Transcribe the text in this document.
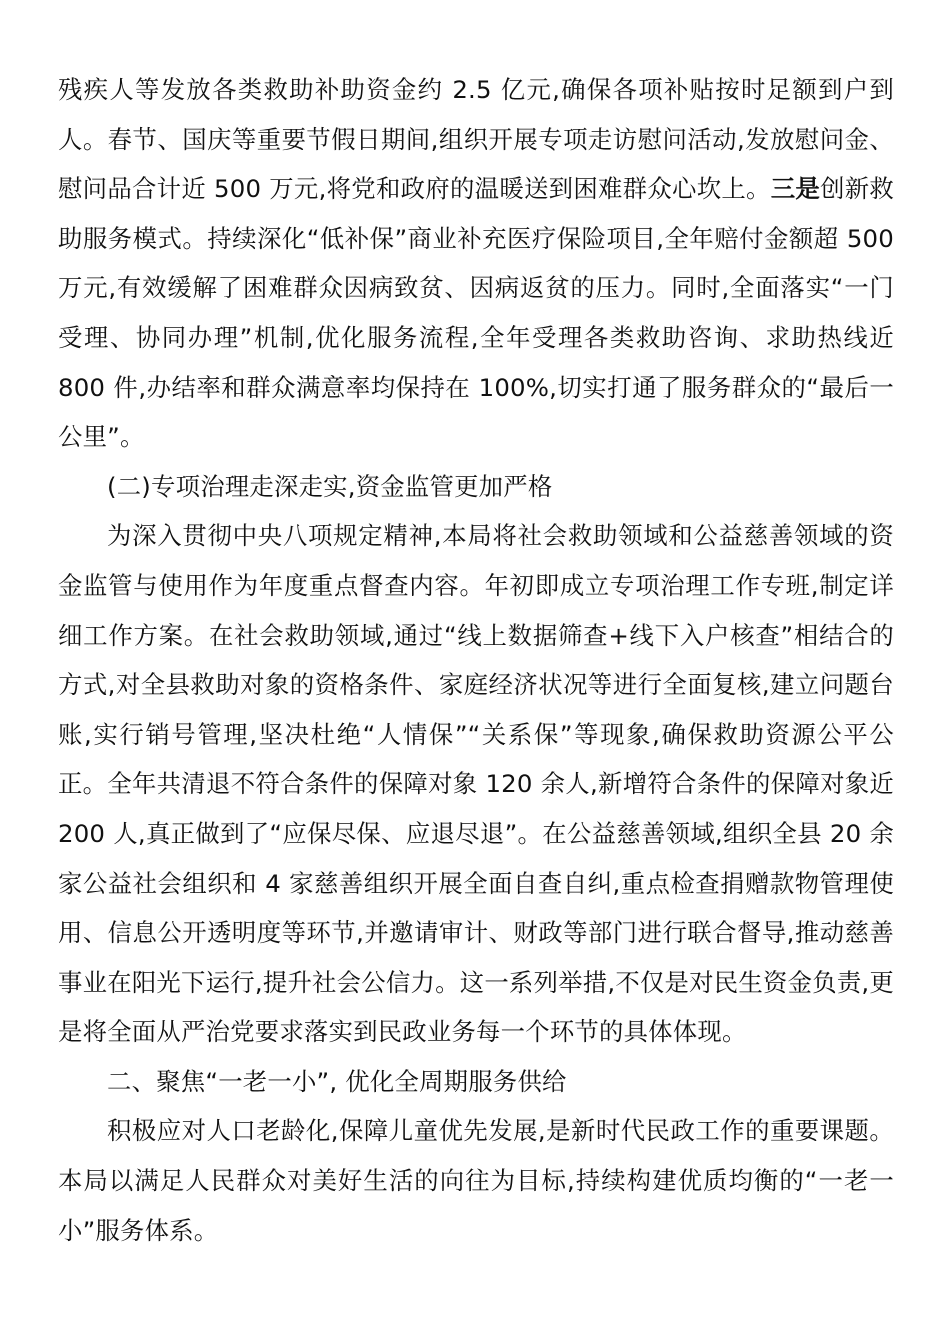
残疾人等发放各类救助补助资金约 2.5 亿元,确保各项补贴按时足额到户到人。春节、国庆等重要节假日期间,组织开展专项走访慰问活动,发放慰问金、慰问品合计近 500 万元,将党和政府的温暖送到困难群众心坎上。三是创新救助服务模式。持续深化“低补保”商业补充医疗保险项目,全年赔付金额超 500 万元,有效缓解了困难群众因病致贫、因病返贫的压力。同时,全面落实“一门受理、协同办理”机制,优化服务流程,全年受理各类救助咨询、求助热线近 800 件,办结率和群众满意率均保持在 100%,切实打通了服务群众的“最后一公里”。

(二)专项治理走深走实,资金监管更加严格

为深入贯彻中央八项规定精神,本局将社会救助领域和公益慈善领域的资金监管与使用作为年度重点督查内容。年初即成立专项治理工作专班,制定详细工作方案。在社会救助领域,通过“线上数据筛查+线下入户核查”相结合的方式,对全县救助对象的资格条件、家庭经济状况等进行全面复核,建立问题台账,实行销号管理,坚决杜绝“人情保”“关系保”等现象,确保救助资源公平公正。全年共清退不符合条件的保障对象 120 余人,新增符合条件的保障对象近 200 人,真正做到了“应保尽保、应退尽退”。在公益慈善领域,组织全县 20 余家公益社会组织和 4 家慈善组织开展全面自查自纠,重点检查捐赠款物管理使用、信息公开透明度等环节,并邀请审计、财政等部门进行联合督导,推动慈善事业在阳光下运行,提升社会公信力。这一系列举措,不仅是对民生资金负责,更是将全面从严治党要求落实到民政业务每一个环节的具体体现。

二、聚焦“一老一小”, 优化全周期服务供给

积极应对人口老龄化,保障儿童优先发展,是新时代民政工作的重要课题。本局以满足人民群众对美好生活的向往为目标,持续构建优质均衡的“一老一小”服务体系。
